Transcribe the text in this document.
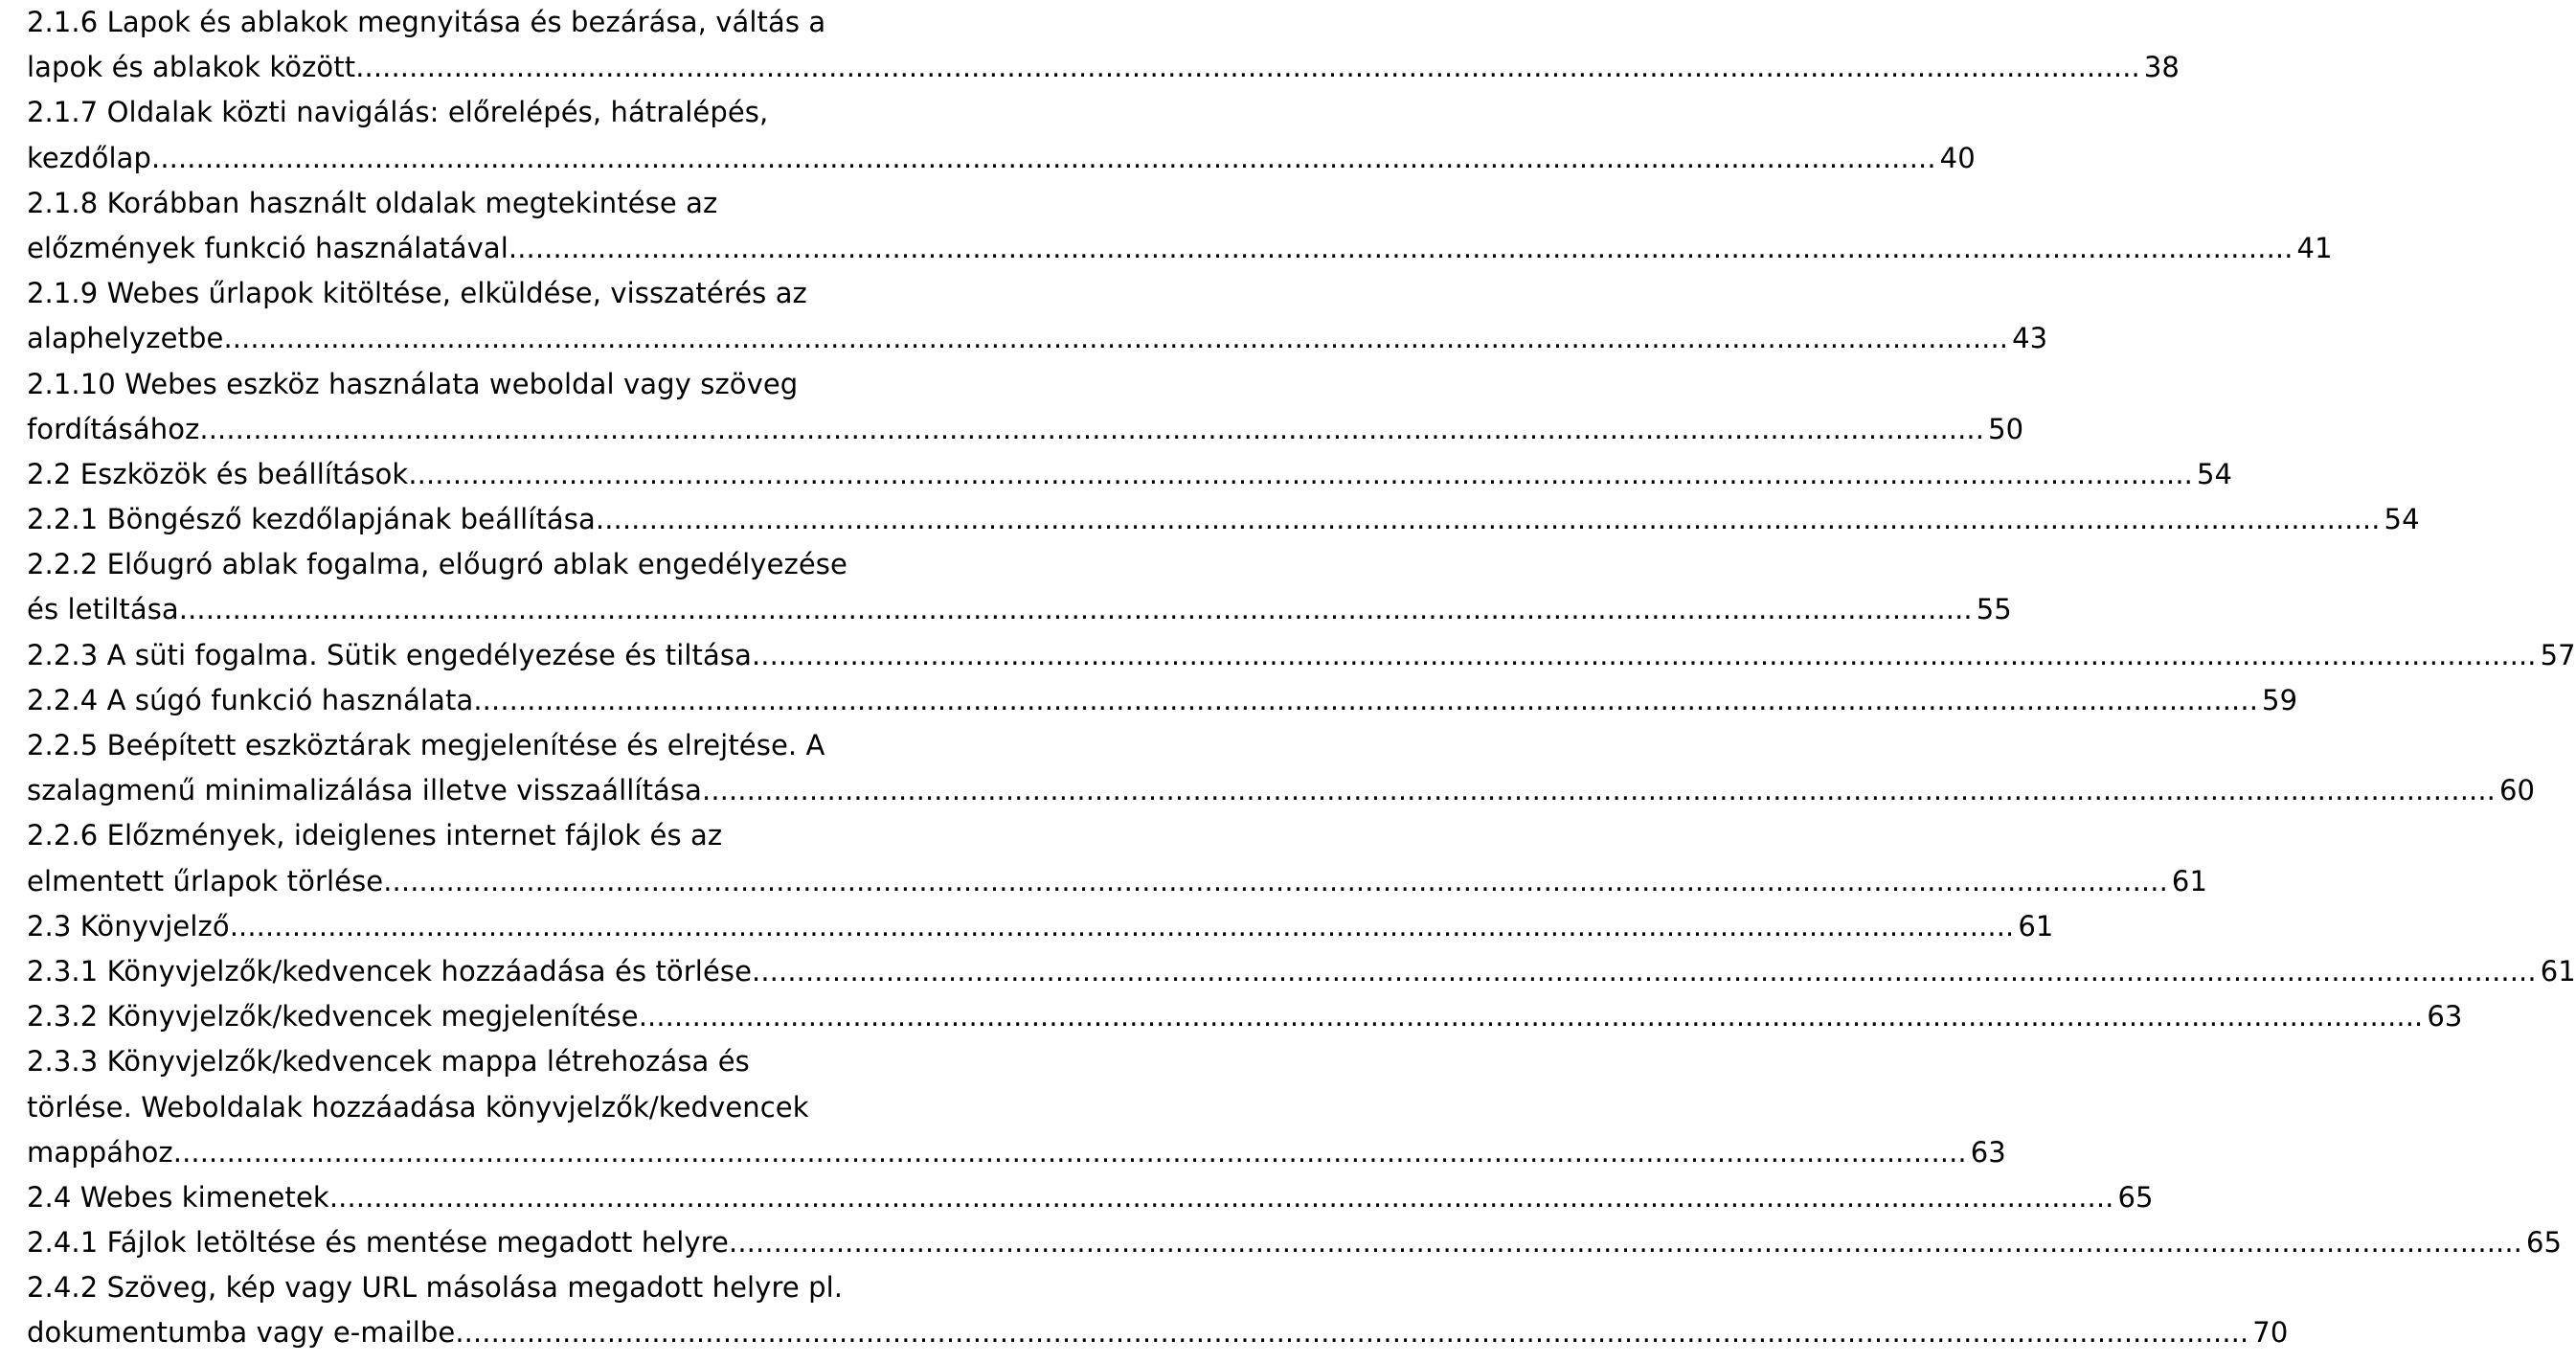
2.1.6 Lapok és ablakok megnyitása és bezárása, váltás a
lapok és ablakok között ........................................................................................................................................................................................................ 38
2.1.7 Oldalak közti navigálás: előrelépés, hátralépés,
kezdőlap ........................................................................................................................................................................................................ 40
2.1.8 Korábban használt oldalak megtekintése az
előzmények funkció használatával ........................................................................................................................................................................................................ 41
2.1.9 Webes űrlapok kitöltése, elküldése, visszatérés az
alaphelyzetbe ........................................................................................................................................................................................................ 43
2.1.10 Webes eszköz használata weboldal vagy szöveg
fordításához ........................................................................................................................................................................................................ 50
2.2 Eszközök és beállítások ........................................................................................................................................................................................................ 54
2.2.1 Böngésző kezdőlapjának beállítása ........................................................................................................................................................................................................ 54
2.2.2 Előugró ablak fogalma, előugró ablak engedélyezése
és letiltása. ........................................................................................................................................................................................................ 55
2.2.3 A süti fogalma. Sütik engedélyezése és tiltása ........................................................................................................................................................................................................ 57
2.2.4 A súgó funkció használata ........................................................................................................................................................................................................ 59
2.2.5 Beépített eszköztárak megjelenítése és elrejtése. A
szalagmenű minimalizálása illetve visszaállítása. ........................................................................................................................................................................................................ 60
2.2.6 Előzmények, ideiglenes internet fájlok és az
elmentett űrlapok törlése ........................................................................................................................................................................................................ 61
2.3 Könyvjelző ........................................................................................................................................................................................................ 61
2.3.1 Könyvjelzők/kedvencek hozzáadása és törlése ........................................................................................................................................................................................................ 61
2.3.2 Könyvjelzők/kedvencek megjelenítése ........................................................................................................................................................................................................ 63
2.3.3 Könyvjelzők/kedvencek mappa létrehozása és
törlése. Weboldalak hozzáadása könyvjelzők/kedvencek
mappához. ........................................................................................................................................................................................................ 63
2.4 Webes kimenetek ........................................................................................................................................................................................................ 65
2.4.1 Fájlok letöltése és mentése megadott helyre. ........................................................................................................................................................................................................ 65
2.4.2 Szöveg, kép vagy URL másolása megadott helyre pl.
dokumentumba vagy e-mailbe. ........................................................................................................................................................................................................ 70
